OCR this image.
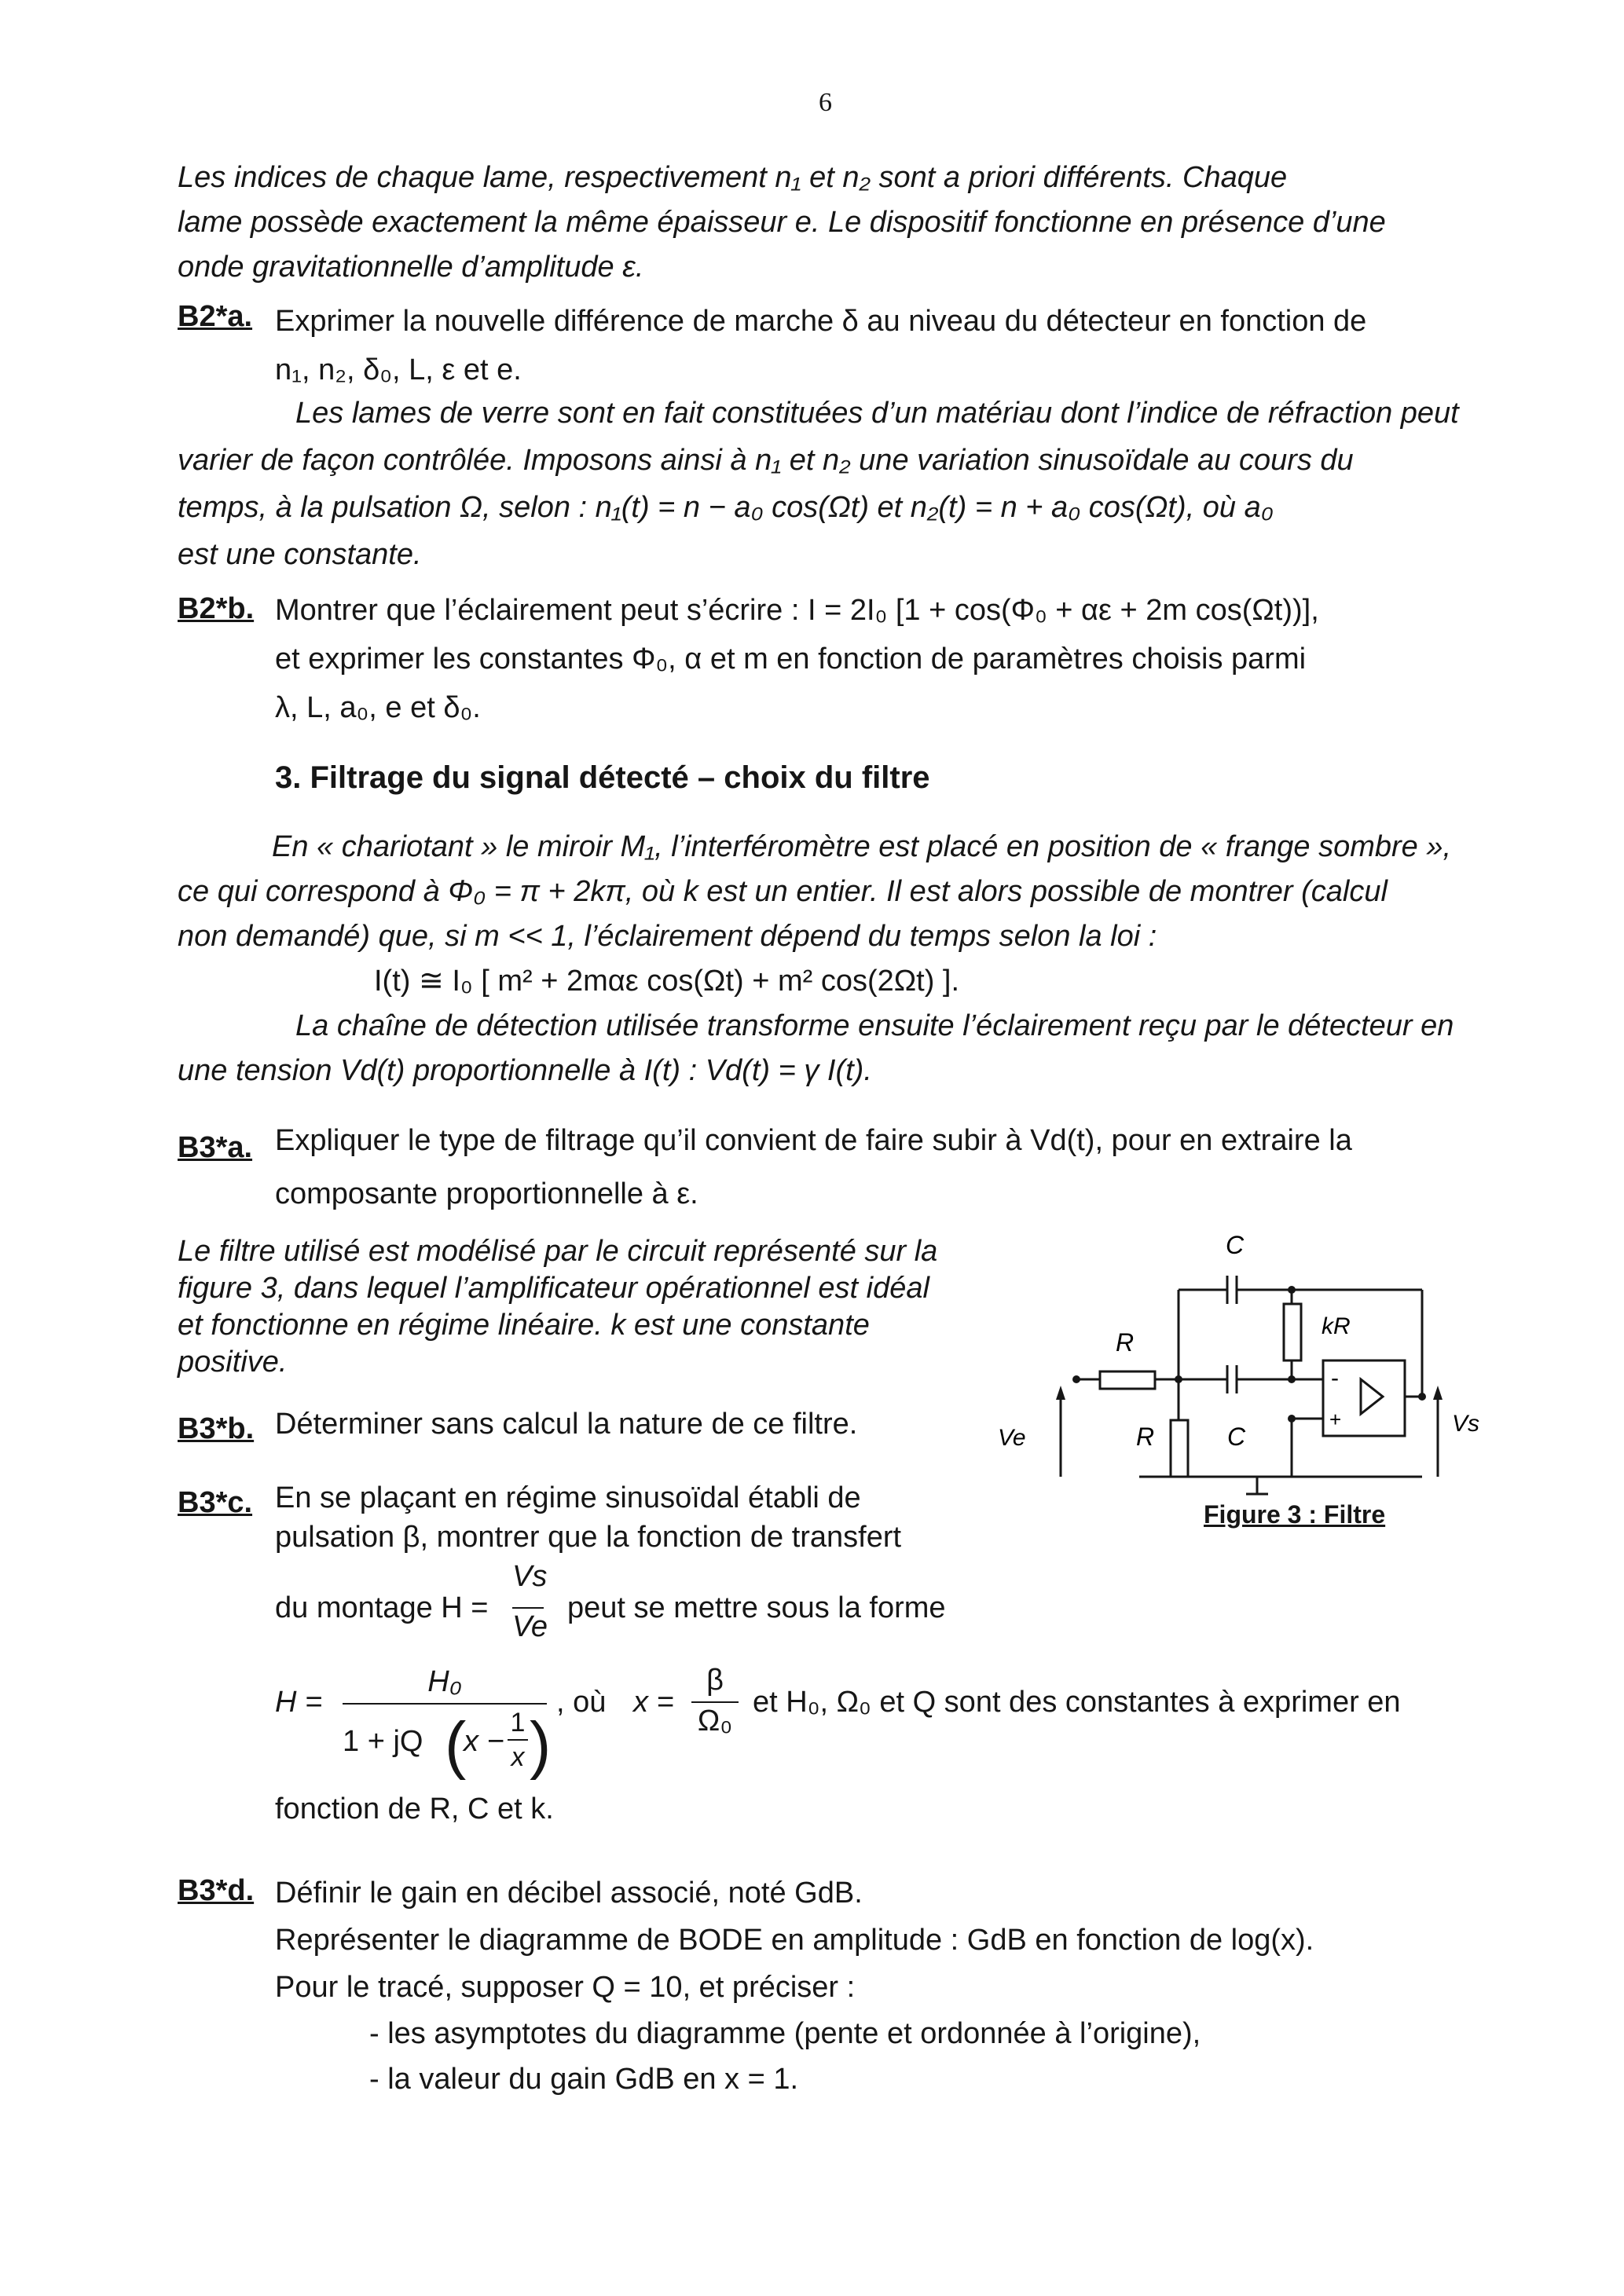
6
Les indices de chaque lame, respectivement n₁ et n₂ sont a priori différents. Chaque
lame possède exactement la même épaisseur e. Le dispositif fonctionne en présence d’une
onde gravitationnelle d’amplitude ε.
B2*a. Exprimer la nouvelle différence de marche δ au niveau du détecteur en fonction de
n₁, n₂, δ₀, L, ε et e.
Les lames de verre sont en fait constituées d’un matériau dont l’indice de réfraction peut
varier de façon contrôlée. Imposons ainsi à n₁ et n₂ une variation sinusoïdale au cours du
temps, à la pulsation Ω, selon : n₁(t) = n − a₀ cos(Ωt) et n₂(t) = n + a₀ cos(Ωt), où a₀
est une constante.
B2*b. Montrer que l’éclairement peut s’écrire : I = 2I₀ [1 + cos(Φ₀ + αε + 2m cos(Ωt))],
et exprimer les constantes Φ₀, α et m en fonction de paramètres choisis parmi
λ, L, a₀, e et δ₀.
3. Filtrage du signal détecté – choix du filtre
En « chariotant » le miroir M₁, l’interféromètre est placé en position de « frange sombre »,
ce qui correspond à Φ₀ = π + 2kπ, où k est un entier. Il est alors possible de montrer (calcul
non demandé) que, si m << 1, l’éclairement dépend du temps selon la loi :
I(t) ≅ I₀ [ m² + 2mαε cos(Ωt) + m² cos(2Ωt) ].
La chaîne de détection utilisée transforme ensuite l’éclairement reçu par le détecteur en
une tension Vd(t) proportionnelle à I(t) : Vd(t) = γ I(t).
B3*a. Expliquer le type de filtrage qu’il convient de faire subir à Vd(t), pour en extraire la
composante proportionnelle à ε.
Le filtre utilisé est modélisé par le circuit représenté sur la
figure 3, dans lequel l’amplificateur opérationnel est idéal
et fonctionne en régime linéaire. k est une constante
positive.
B3*b. Déterminer sans calcul la nature de ce filtre.
B3*c. En se plaçant en régime sinusoïdal établi de
pulsation β, montrer que la fonction de transfert
du montage H =
Vs
Ve
peut se mettre sous la forme
H =
H₀
1 + jQ (
x −
1
x )
, où x =
β
Ω₀
et H₀, Ω₀ et Q sont des constantes à exprimer en
fonction de R, C et k.
C
kR
R
R	C
Ve
Vs
-
+
Figure 3 : Filtre
B3*d. Définir le gain en décibel associé, noté GdB.
Représenter le diagramme de BODE en amplitude : GdB en fonction de log(x).
Pour le tracé, supposer Q = 10, et préciser :
- les asymptotes du diagramme (pente et ordonnée à l’origine),
- la valeur du gain GdB en x = 1.
